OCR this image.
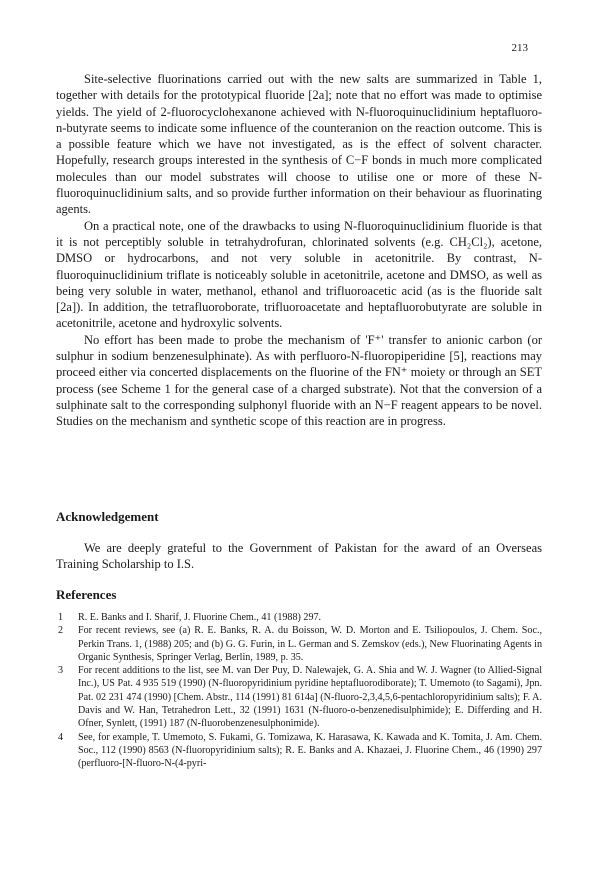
213

Site-selective fluorinations carried out with the new salts are summarized in Table 1, together with details for the prototypical fluoride [2a]; note that no effort was made to optimise yields. The yield of 2-fluorocyclohexanone achieved with N-fluoroquinuclidinium heptafluoro-n-butyrate seems to indicate some influence of the counteranion on the reaction outcome. This is a possible feature which we have not investigated, as is the effect of solvent character. Hopefully, research groups interested in the synthesis of C−F bonds in much more complicated molecules than our model substrates will choose to utilise one or more of these N-fluoroquinuclidinium salts, and so provide further information on their behaviour as fluorinating agents.

On a practical note, one of the drawbacks to using N-fluoroquinuclidinium fluoride is that it is not perceptibly soluble in tetrahydrofuran, chlorinated solvents (e.g. CH₂Cl₂), acetone, DMSO or hydrocarbons, and not very soluble in acetonitrile. By contrast, N-fluoroquinuclidinium triflate is noticeably soluble in acetonitrile, acetone and DMSO, as well as being very soluble in water, methanol, ethanol and trifluoroacetic acid (as is the fluoride salt [2a]). In addition, the tetrafluoroborate, trifluoroacetate and heptafluorobutyrate are soluble in acetonitrile, acetone and hydroxylic solvents.

No effort has been made to probe the mechanism of 'F⁺' transfer to anionic carbon (or sulphur in sodium benzenesulphinate). As with perfluoro-N-fluoropiperidine [5], reactions may proceed either via concerted displacements on the fluorine of the FN⁺ moiety or through an SET process (see Scheme 1 for the general case of a charged substrate). Not that the conversion of a sulphinate salt to the corresponding sulphonyl fluoride with an N−F reagent appears to be novel. Studies on the mechanism and synthetic scope of this reaction are in progress.

Acknowledgement
We are deeply grateful to the Government of Pakistan for the award of an Overseas Training Scholarship to I.S.
References
1 R. E. Banks and I. Sharif, J. Fluorine Chem., 41 (1988) 297.
2 For recent reviews, see (a) R. E. Banks, R. A. du Boisson, W. D. Morton and E. Tsiliopoulos, J. Chem. Soc., Perkin Trans. 1, (1988) 205; and (b) G. G. Furin, in L. German and S. Zemskov (eds.), New Fluorinating Agents in Organic Synthesis, Springer Verlag, Berlin, 1989, p. 35.
3 For recent additions to the list, see M. van Der Puy, D. Nalewajek, G. A. Shia and W. J. Wagner (to Allied-Signal Inc.), US Pat. 4 935 519 (1990) (N-fluoropyridinium pyridine heptafluorodiborate); T. Umemoto (to Sagami), Jpn. Pat. 02 231 474 (1990) [Chem. Abstr., 114 (1991) 81 614a] (N-fluoro-2,3,4,5,6-pentachloropyridinium salts); F. A. Davis and W. Han, Tetrahedron Lett., 32 (1991) 1631 (N-fluoro-o-benzenedisulphimide); E. Differding and H. Ofner, Synlett, (1991) 187 (N-fluorobenzenesulphonimide).
4 See, for example, T. Umemoto, S. Fukami, G. Tomizawa, K. Harasawa, K. Kawada and K. Tomita, J. Am. Chem. Soc., 112 (1990) 8563 (N-fluoropyridinium salts); R. E. Banks and A. Khazaei, J. Fluorine Chem., 46 (1990) 297 (perfluoro-[N-fluoro-N-(4-pyri-
